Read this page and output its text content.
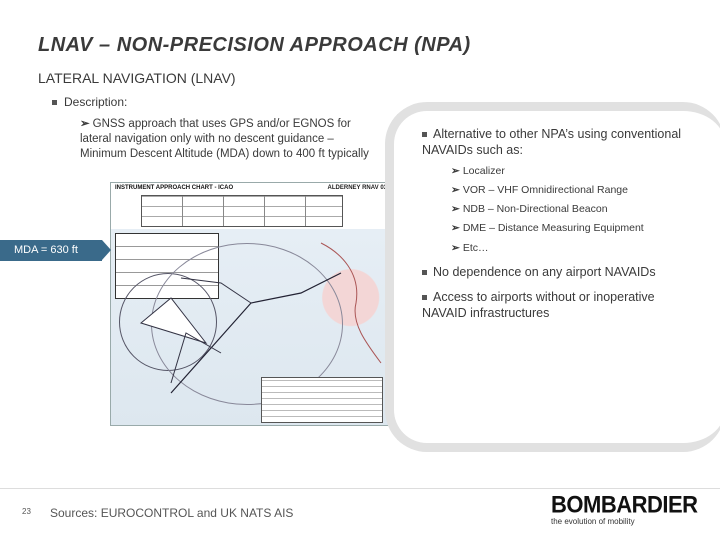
LNAV – NON-PRECISION APPROACH (NPA)
LATERAL NAVIGATION (LNAV)
Description:
➢ GNSS approach that uses GPS and/or EGNOS for lateral navigation only with no descent guidance – Minimum Descent Altitude (MDA) down to 400 ft typically
INSTRUMENT APPROACH CHART - ICAO	ALDERNEY RNAV 03
MDA = 630 ft
Alternative to other NPA’s using conventional NAVAIDs such as:
➢ Localizer
➢ VOR – VHF Omnidirectional Range
➢ NDB – Non-Directional Beacon
➢ DME – Distance Measuring Equipment
➢ Etc…
No dependence on any airport NAVAIDs
Access to airports without or inoperative NAVAID infrastructures
23 Sources: EUROCONTROL and UK NATS AIS	BOMBARDIER
the evolution of mobility
